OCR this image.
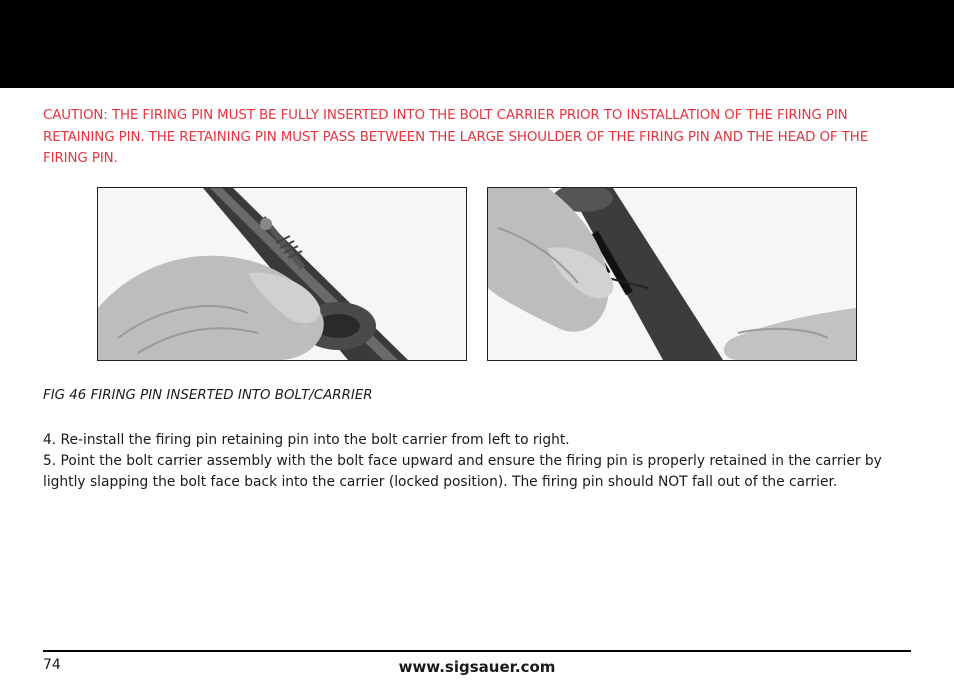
CAUTION: THE FIRING PIN MUST BE FULLY INSERTED INTO THE BOLT CARRIER PRIOR TO INSTALLATION OF THE FIRING PIN RETAINING PIN. THE RETAINING PIN MUST PASS BETWEEN THE LARGE SHOULDER OF THE FIRING PIN AND THE HEAD OF THE FIRING PIN.
FIG 46 FIRING PIN INSERTED INTO BOLT/CARRIER

4. Re-install the firing pin retaining pin into the bolt carrier from left to right.

5. Point the bolt carrier assembly with the bolt face upward and ensure the firing pin is properly retained in the carrier by lightly slapping the bolt face back into the carrier (locked position). The firing pin should NOT fall out of the carrier.

74	www.sigsauer.com
